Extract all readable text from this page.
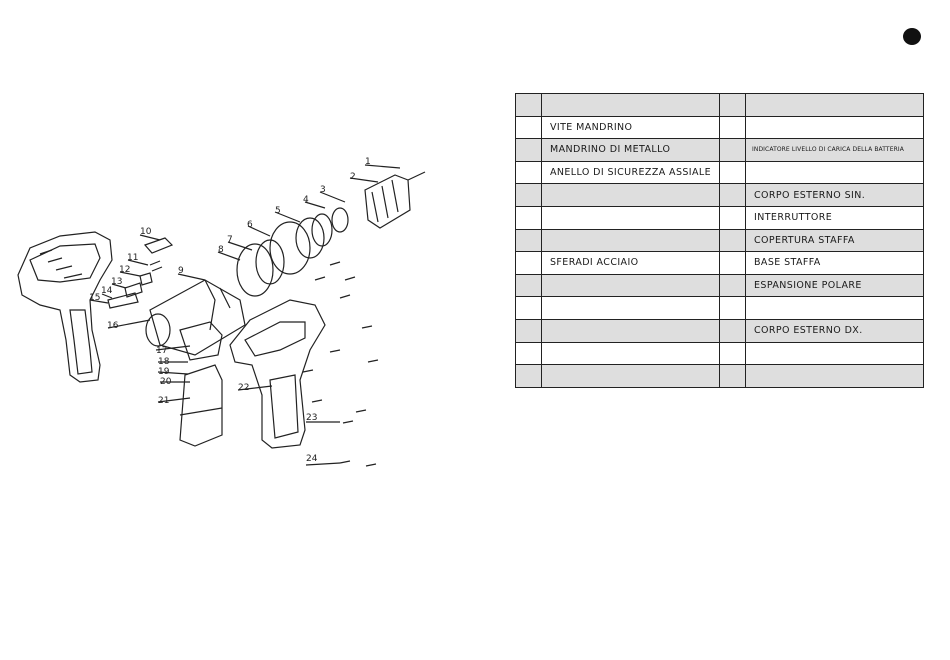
1
2
3
4
5
6
7
8
9
10
11
12
13
14
15
16
17
18
19
20
21
22
23
24

	VITE MANDRINO		
	MANDRINO DI METALLO		INDICATORE LIVELLO DI CARICA DELLA BATTERIA
	ANELLO DI SICUREZZA ASSIALE		
			CORPO ESTERNO SIN.
			INTERRUTTORE
			COPERTURA STAFFA
	SFERADI ACCIAIO		BASE STAFFA
			ESPANSIONE POLARE

			CORPO ESTERNO DX.
